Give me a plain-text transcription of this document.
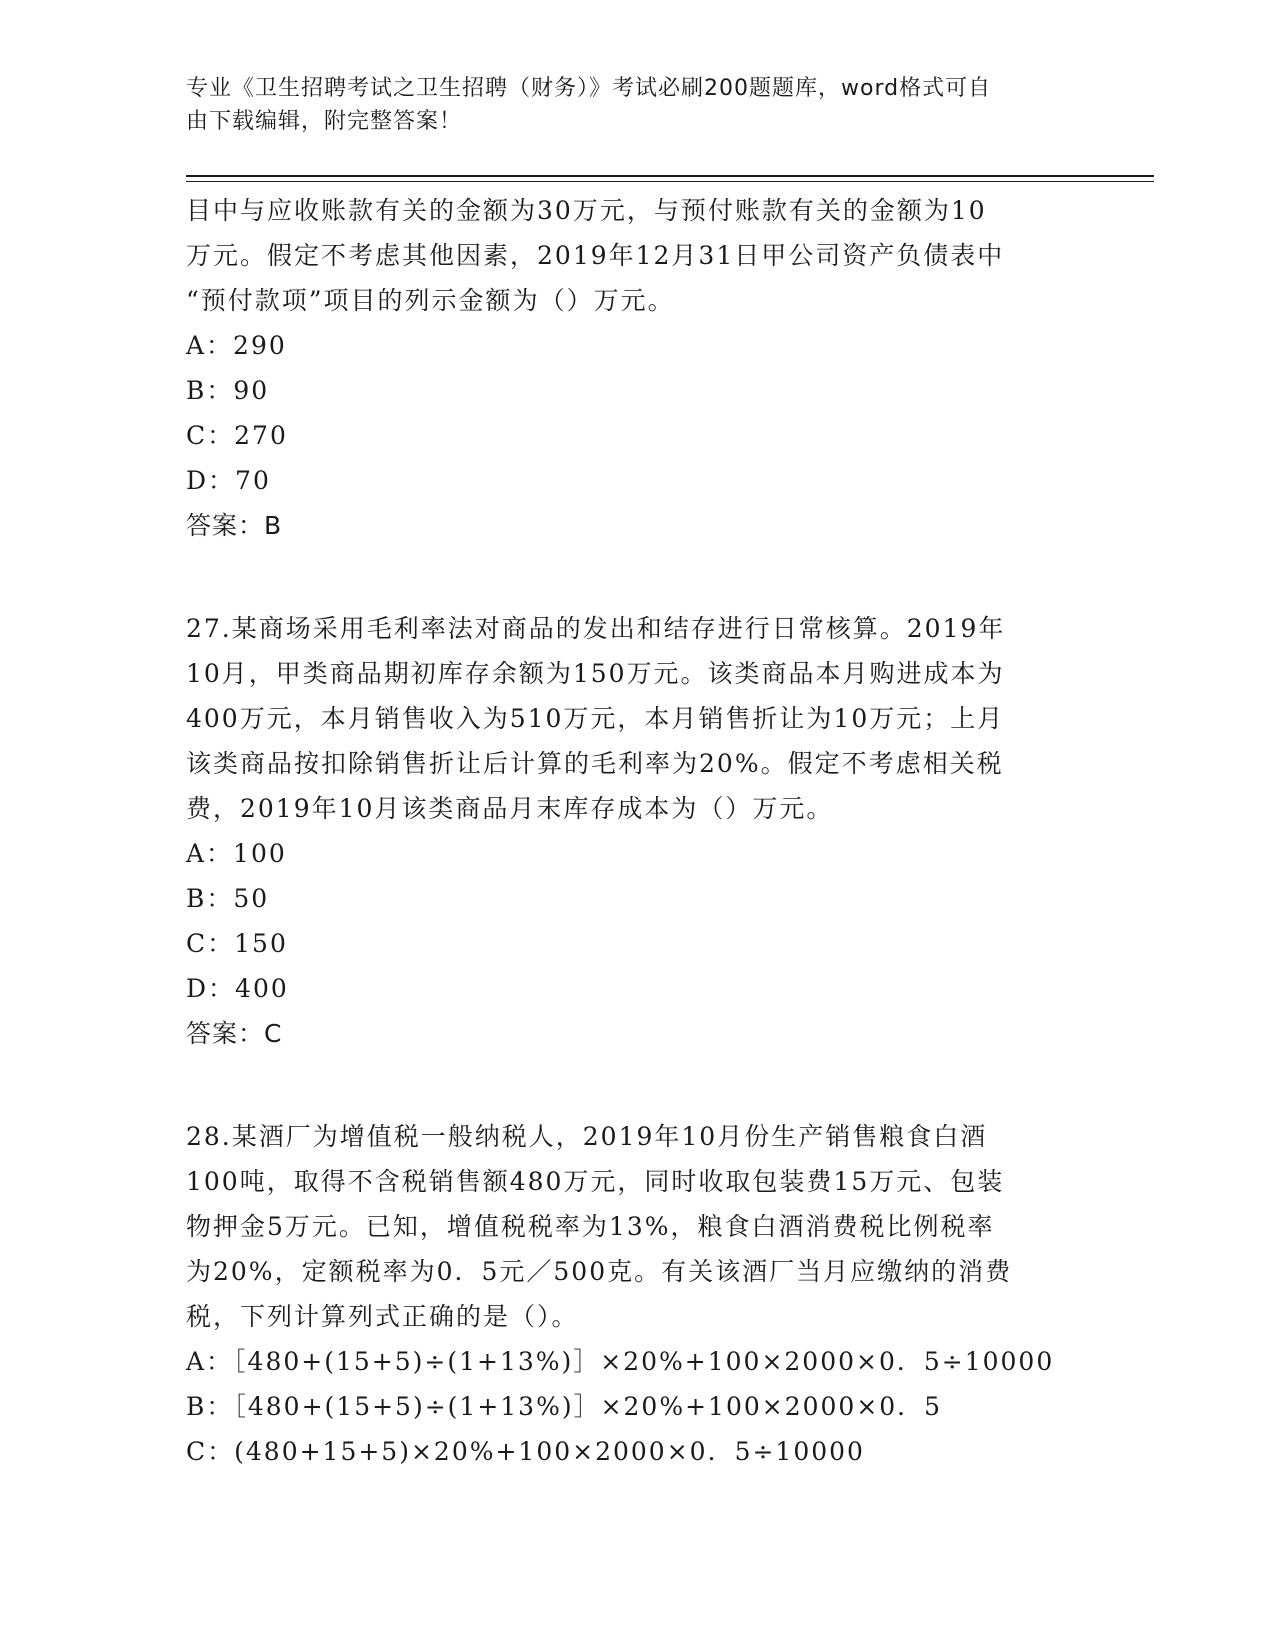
专业《卫生招聘考试之卫生招聘（财务）》考试必刷200题题库，word格式可自
由下载编辑，附完整答案！
目中与应收账款有关的金额为30万元，与预付账款有关的金额为10
万元。假定不考虑其他因素，2019年12月31日甲公司资产负债表中
“预付款项”项目的列示金额为（）万元。
A：290
B：90
C：270
D：70
答案：B
27.某商场采用毛利率法对商品的发出和结存进行日常核算。2019年
10月，甲类商品期初库存余额为150万元。该类商品本月购进成本为
400万元，本月销售收入为510万元，本月销售折让为10万元；上月
该类商品按扣除销售折让后计算的毛利率为20%。假定不考虑相关税
费，2019年10月该类商品月末库存成本为（）万元。
A：100
B：50
C：150
D：400
答案：C
28.某酒厂为增值税一般纳税人，2019年10月份生产销售粮食白酒
100吨，取得不含税销售额480万元，同时收取包装费15万元、包装
物押金5万元。已知，增值税税率为13%，粮食白酒消费税比例税率
为20%，定额税率为0．5元／500克。有关该酒厂当月应缴纳的消费
税，下列计算列式正确的是（）。
A：［480+(15+5)÷(1+13%)］×20%+100×2000×0．5÷10000
B：［480+(15+5)÷(1+13%)］×20%+100×2000×0．5
C：(480+15+5)×20%+100×2000×0．5÷10000
